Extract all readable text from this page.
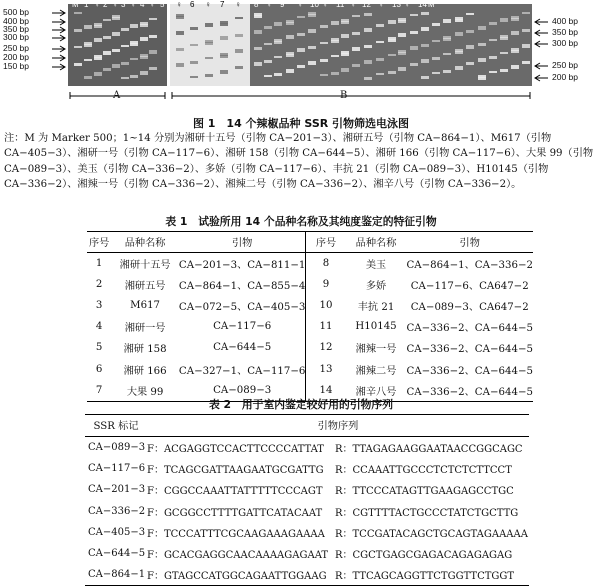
500 bp
400 bp
350 bp
300 bp
250 bp
200 bp
150 bp
400 bp
350 bp
300 bp
250 bp
200 bp
M 1 ♀ 2 ♀ 3 ♀ 4 ♀ 5 ♀ 6 ♀ 7 ♀ 8 ♀ 9 ♀ 10 ♀ 11 ♀ 12 ♀ 13 ♀ 14 M
A	B
图 1　14 个辣椒品种 SSR 引物筛选电泳图
注：M 为 Marker 500；1~14 分别为湘研十五号（引物 CA−201−3）、湘研五号（引物 CA−864−1）、M617（引物 CA−405−3）、湘研一号（引物 CA−117−6）、湘研 158（引物 CA−644−5）、湘研 166（引物 CA−117−6）、大果 99（引物 CA−089−3）、美玉（引物 CA−336−2）、多娇（引物 CA−117−6）、丰抗 21（引物 CA−089−3）、H10145（引物 CA−336−2）、湘辣一号（引物 CA−336−2）、湘辣二号（引物 CA−336−2）、湘辛八号（引物 CA−336−2）。
表 1　试验所用 14 个品种名称及其纯度鉴定的特征引物
序号	品种名称	引物	序号	品种名称	引物
1	湘研十五号	CA−201−3、CA−811−1	8	美玉	CA−864−1、CA−336−2
2	湘研五号	CA−864−1、CA−855−4	9	多娇	CA−117−6、CA647−2
3	M617	CA−072−5、CA−405−3	10	丰抗 21	CA−089−3、CA647−2
4	湘研一号	CA−117−6	11	H10145	CA−336−2、CA−644−5
5	湘研 158	CA−644−5	12	湘辣一号	CA−336−2、CA−644−5
6	湘研 166	CA−327−1、CA−117−6	13	湘辣二号	CA−336−2、CA−644−5
7	大果 99	CA−089−3	14	湘辛八号	CA−336−2、CA−644−5
表 2　用于室内鉴定较好用的引物序列
SSR 标记	引物序列	
CA−089−3	F：ACGAGGTCCACTTCCCCATTAT	R：TTAGAGAAGGAATAACCGGCAGC
CA−117−6	F：TCAGCGATTAAGAATGCGATTG	R：CCAAATTGCCCTCTCTCTTCCT
CA−201−3	F：CGGCCAAATTATTTTTCCCAGT	R：TTCCCATAGTTGAAGAGCCTGC
CA−336−2	F：GCGGCCTTTTGATTCATACAAT	R：CGTTTTACTGCCCTATCTGCTTG
CA−405−3	F：TCCCATTTCGCAAGAAAGAAAA	R：TCCGATACAGCTGCAGTAGAAAAA
CA−644−5	F：GCACGAGGCAACAAAAGAGAAT	R：CGCTGAGCGAGACAGAGAGAG
CA−864−1	F：GTAGCCATGGCAGAATTGGAAG	R：TTCAGCAGGTTCTGGTTCTGGT
